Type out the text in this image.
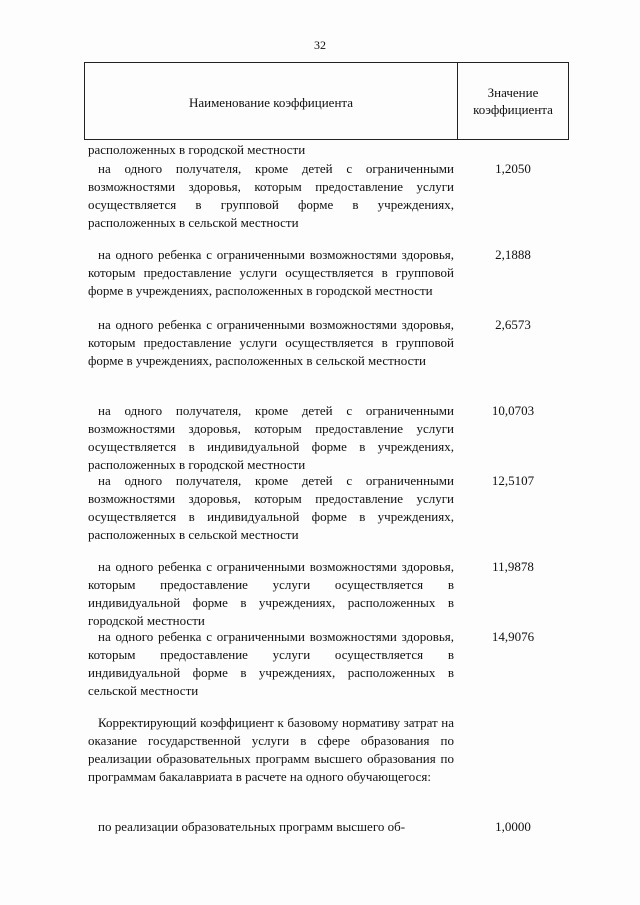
32
Наименование коэффициента
Значение
коэффициента
расположенных в городской местности
на одного получателя, кроме детей с ограниченными возможностями здоровья, которым предоставление услуги осуществляется в групповой форме в учреждениях, расположенных в сельской местности
1,2050
на одного ребенка с ограниченными возможностями здоровья, которым предоставление услуги осуществляется в групповой форме в учреждениях, расположенных в городской местности
2,1888
на одного ребенка с ограниченными возможностями здоровья, которым предоставление услуги осуществляется в групповой форме в учреждениях, расположенных в сельской местности
2,6573
на одного получателя, кроме детей с ограниченными возможностями здоровья, которым предоставление услуги осуществляется в индивидуальной форме в учреждениях, расположенных в городской местности
10,0703
на одного получателя, кроме детей с ограниченными возможностями здоровья, которым предоставление услуги осуществляется в индивидуальной форме в учреждениях, расположенных в сельской местности
12,5107
на одного ребенка с ограниченными возможностями здоровья, которым предоставление услуги осуществляется в индивидуальной форме в учреждениях, расположенных в городской местности
11,9878
на одного ребенка с ограниченными возможностями здоровья, которым предоставление услуги осуществляется в индивидуальной форме в учреждениях, расположенных в сельской местности
14,9076
Корректирующий коэффициент к базовому нормативу затрат на оказание государственной услуги в сфере образования по реализации образовательных программ высшего образования по программам бакалавриата в расчете на одного обучающегося:
по реализации образовательных программ высшего об-	1,0000
